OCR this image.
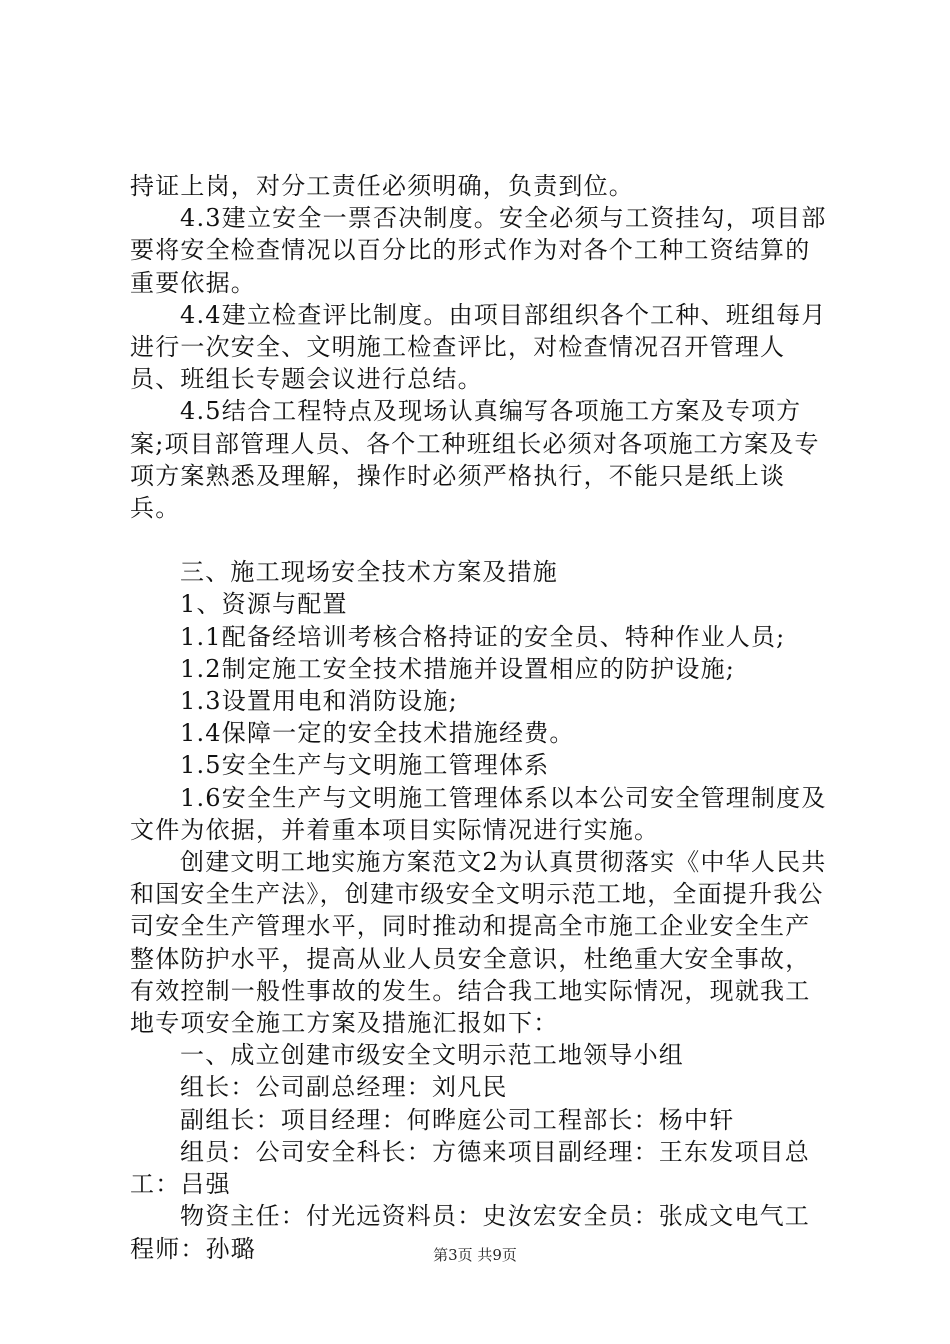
持证上岗，对分工责任必须明确，负责到位。

4.3建立安全一票否决制度。安全必须与工资挂勾，项目部要将安全检查情况以百分比的形式作为对各个工种工资结算的重要依据。

4.4建立检查评比制度。由项目部组织各个工种、班组每月进行一次安全、文明施工检查评比，对检查情况召开管理人员、班组长专题会议进行总结。

4.5结合工程特点及现场认真编写各项施工方案及专项方案;项目部管理人员、各个工种班组长必须对各项施工方案及专项方案熟悉及理解，操作时必须严格执行，不能只是纸上谈兵。

三、施工现场安全技术方案及措施

1、资源与配置

1.1配备经培训考核合格持证的安全员、特种作业人员;

1.2制定施工安全技术措施并设置相应的防护设施;

1.3设置用电和消防设施;

1.4保障一定的安全技术措施经费。

1.5安全生产与文明施工管理体系

1.6安全生产与文明施工管理体系以本公司安全管理制度及文件为依据，并着重本项目实际情况进行实施。

创建文明工地实施方案范文2为认真贯彻落实《中华人民共和国安全生产法》，创建市级安全文明示范工地，全面提升我公司安全生产管理水平，同时推动和提高全市施工企业安全生产整体防护水平，提高从业人员安全意识，杜绝重大安全事故，有效控制一般性事故的发生。结合我工地实际情况，现就我工地专项安全施工方案及措施汇报如下：

一、成立创建市级安全文明示范工地领导小组

组长：公司副总经理：刘凡民

副组长：项目经理：何晔庭公司工程部长：杨中轩

组员：公司安全科长：方德来项目副经理：王东发项目总工：吕强

物资主任：付光远资料员：史汝宏安全员：张成文电气工程师：孙璐	第3页 共9页
